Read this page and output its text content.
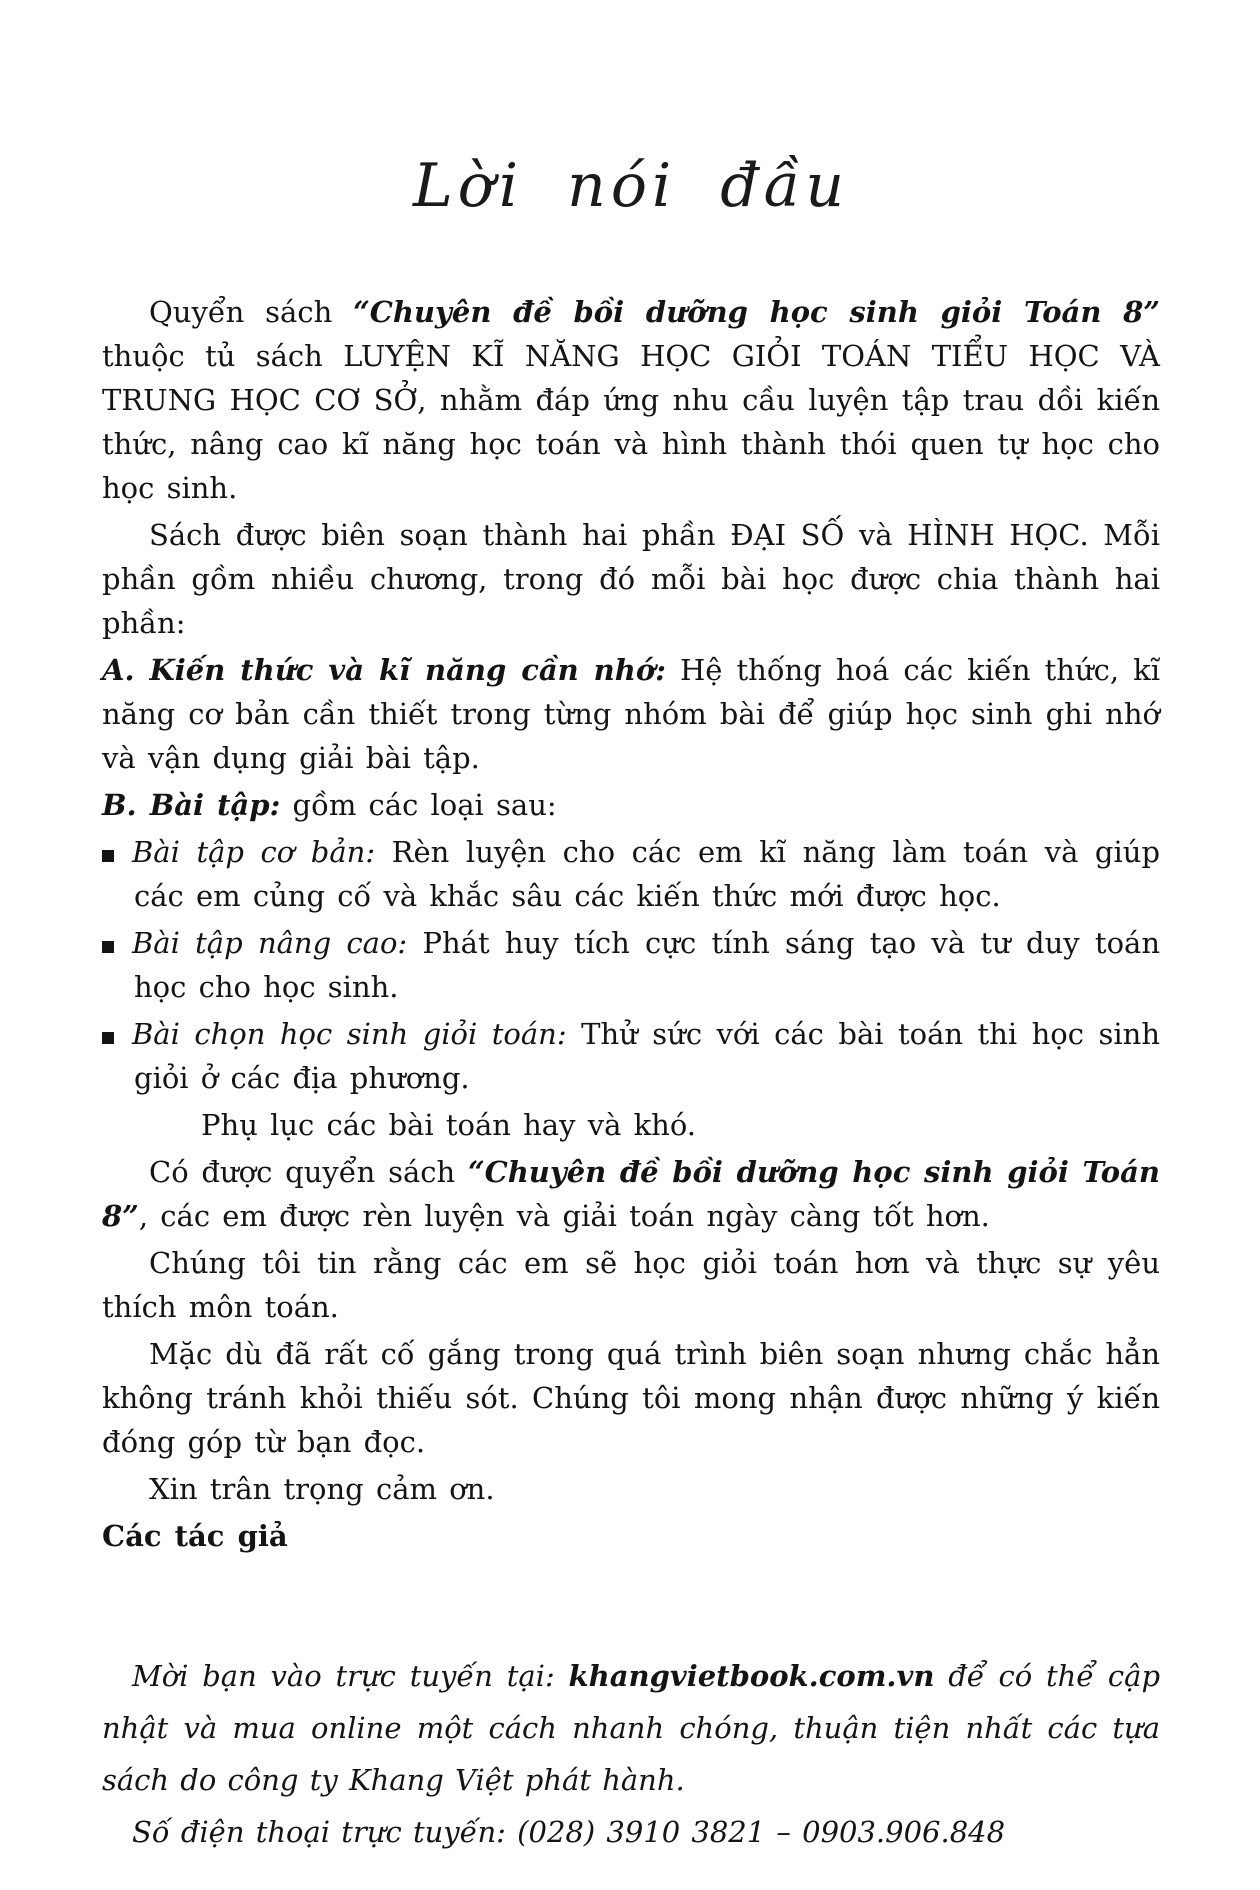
Lời nói đầu

Quyển sách “Chuyên đề bồi dưỡng học sinh giỏi Toán 8” thuộc tủ sách LUYỆN KĨ NĂNG HỌC GIỎI TOÁN TIỂU HỌC VÀ TRUNG HỌC CƠ SỞ, nhằm đáp ứng nhu cầu luyện tập trau dồi kiến thức, nâng cao kĩ năng học toán và hình thành thói quen tự học cho học sinh.

Sách được biên soạn thành hai phần ĐẠI SỐ và HÌNH HỌC. Mỗi phần gồm nhiều chương, trong đó mỗi bài học được chia thành hai phần:

A. Kiến thức và kĩ năng cần nhớ: Hệ thống hoá các kiến thức, kĩ năng cơ bản cần thiết trong từng nhóm bài để giúp học sinh ghi nhớ và vận dụng giải bài tập.

B. Bài tập: gồm các loại sau:

Bài tập cơ bản: Rèn luyện cho các em kĩ năng làm toán và giúp các em củng cố và khắc sâu các kiến thức mới được học.

Bài tập nâng cao: Phát huy tích cực tính sáng tạo và tư duy toán học cho học sinh.

Bài chọn học sinh giỏi toán: Thử sức với các bài toán thi học sinh giỏi ở các địa phương.

Phụ lục các bài toán hay và khó.

Có được quyển sách “Chuyên đề bồi dưỡng học sinh giỏi Toán 8”, các em được rèn luyện và giải toán ngày càng tốt hơn.

Chúng tôi tin rằng các em sẽ học giỏi toán hơn và thực sự yêu thích môn toán.

Mặc dù đã rất cố gắng trong quá trình biên soạn nhưng chắc hẳn không tránh khỏi thiếu sót. Chúng tôi mong nhận được những ý kiến đóng góp từ bạn đọc.

Xin trân trọng cảm ơn.

Các tác giả

Mời bạn vào trực tuyến tại: khangvietbook.com.vn để có thể cập nhật và mua online một cách nhanh chóng, thuận tiện nhất các tựa sách do công ty Khang Việt phát hành.

Số điện thoại trực tuyến: (028) 3910 3821 – 0903.906.848
